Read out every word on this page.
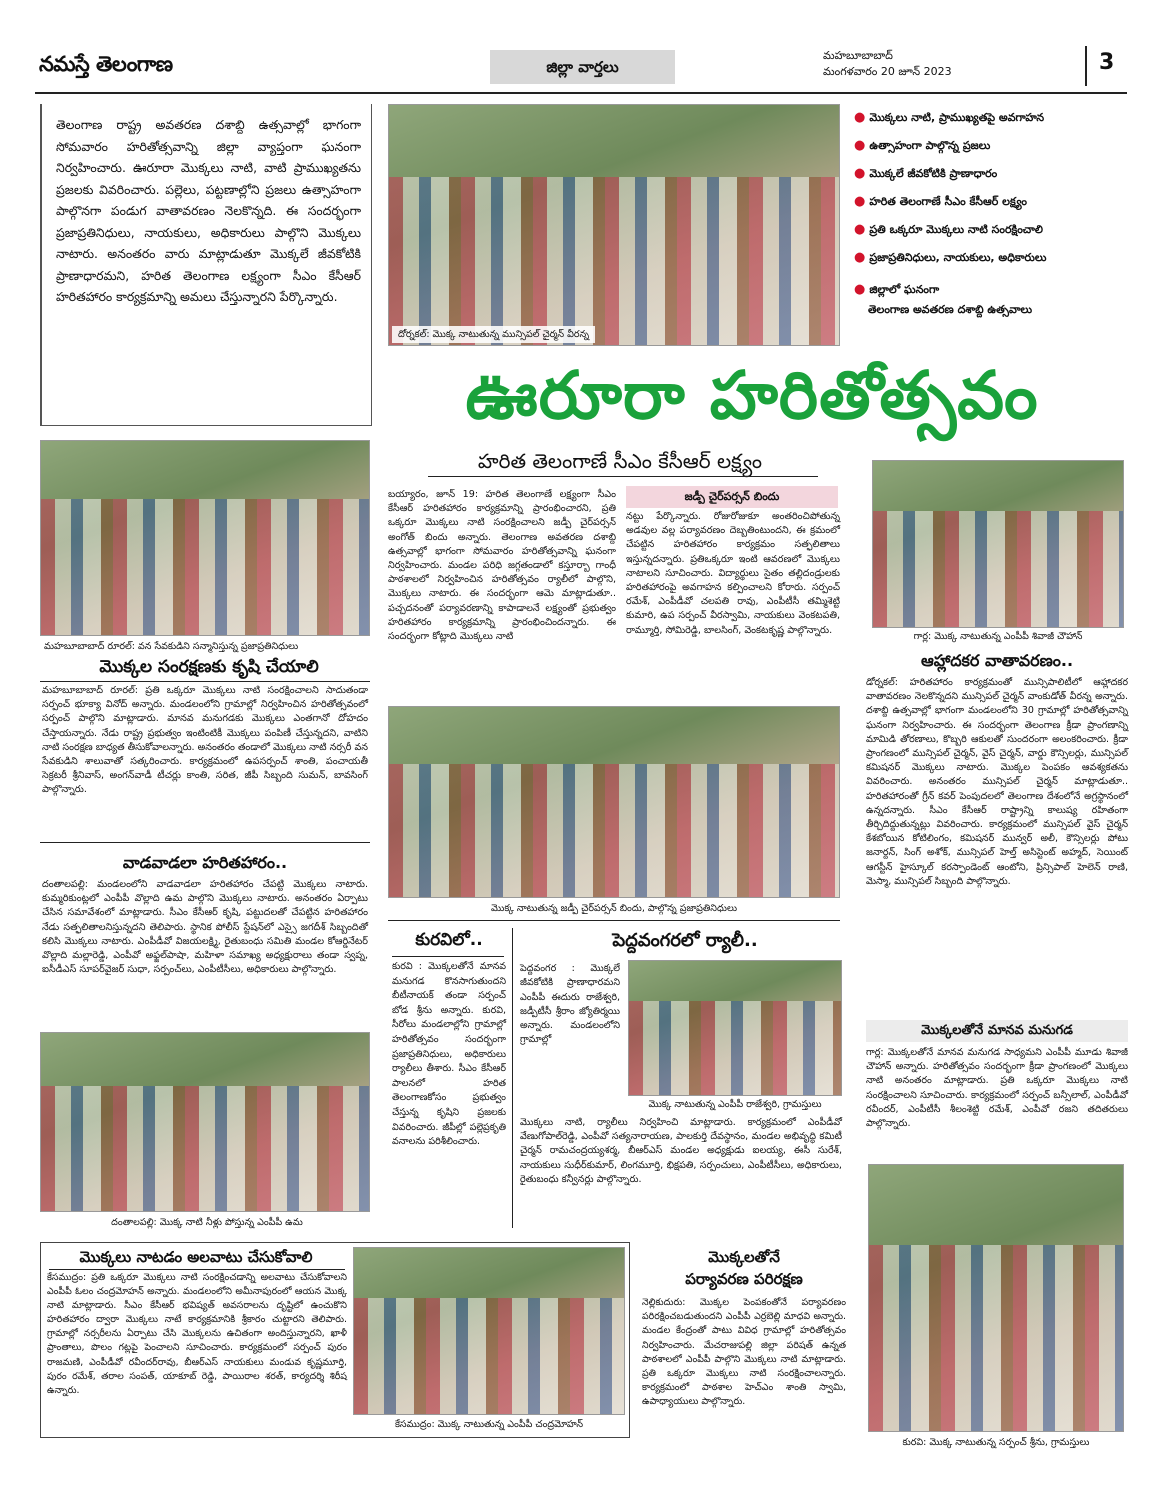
నమస్తే తెలంగాణ	జిల్లా వార్తలు
మహబూబాబాద్
మంగళవారం 20 జూన్ 2023	3
తెలంగాణ రాష్ట్ర అవతరణ దశాబ్ది ఉత్సవాల్లో భాగంగా సోమవారం హరితోత్సవాన్ని జిల్లా వ్యాప్తంగా ఘనంగా నిర్వహించారు. ఊరూరా మొక్కలు నాటి, వాటి ప్రాముఖ్యతను ప్రజలకు వివరించారు. పల్లెలు, పట్టణాల్లోని ప్రజలు ఉత్సాహంగా పాల్గొనగా పండుగ వాతావరణం నెలకొన్నది. ఈ సందర్భంగా ప్రజాప్రతినిధులు, నాయకులు, అధికారులు పాల్గొని మొక్కలు నాటారు. అనంతరం వారు మాట్లాడుతూ మొక్కలే జీవకోటికి ప్రాణాధారమని, హరిత తెలంగాణ లక్ష్యంగా సీఎం కేసీఆర్ హరితహారం కార్యక్రమాన్ని అమలు చేస్తున్నారని పేర్కొన్నారు.
దోర్నకల్: మొక్క నాటుతున్న మున్సిపల్ చైర్మన్ వీరన్న
● మొక్కలు నాటి, ప్రాముఖ్యతపై అవగాహన
● ఉత్సాహంగా పాల్గొన్న ప్రజలు
● మొక్కలే జీవకోటికి ప్రాణాధారం
● హరిత తెలంగాణే సీఎం కేసీఆర్ లక్ష్యం
● ప్రతి ఒక్కరూ మొక్కలు నాటి సంరక్షించాలి
● ప్రజాప్రతినిధులు, నాయకులు, అధికారులు
● జిల్లాలో ఘనంగా
తెలంగాణ అవతరణ దశాబ్ది ఉత్సవాలు
ఊరూరా హరితోత్సవం
హరిత తెలంగాణే సీఎం కేసీఆర్ లక్ష్యం
మహబూబాబాద్ రూరల్: వన సేవకుడిని సన్మానిస్తున్న ప్రజాప్రతినిధులు
మొక్కల సంరక్షణకు కృషి చేయాలి
మహబూబాబాద్ రూరల్: ప్రతి ఒక్కరూ మొక్కలు నాటి సంరక్షించాలని సాదుతండా సర్పంచ్ భూక్యా వినోద్ అన్నారు. మండలంలోని గ్రామాల్లో నిర్వహించిన హరితోత్సవంలో సర్పంచ్ పాల్గొని మాట్లాడారు. మానవ మనుగడకు మొక్కలు ఎంతగానో దోహదం చేస్తాయన్నారు. నేడు రాష్ట్ర ప్రభుత్వం ఇంటింటికీ మొక్కలు పంపిణీ చేస్తున్నదని, వాటిని నాటి సంరక్షణ బాధ్యత తీసుకోవాలన్నారు. అనంతరం తండాలో మొక్కలు నాటి నర్సరీ వన సేవకుడిని శాలువాతో సత్కరించారు. కార్యక్రమంలో ఉపసర్పంచ్ శాంతి, పంచాయతీ సెక్రటరీ శ్రీనివాస్, అంగన్‌వాడీ టీచర్లు కాంతి, సరిత, జీపీ సిబ్బంది సుమన్, బావసింగ్ పాల్గొన్నారు.
వాడవాడలా హరితహారం..
దంతాలపల్లి: మండలంలోని వాడవాడలా హరితహారం చేపట్టి మొక్కలు నాటారు. కుమ్మరికుంట్లలో ఎంపీపీ వొల్లాది ఉమ పాల్గొని మొక్కలు నాటారు. అనంతరం ఏర్పాటు చేసిన సమావేశంలో మాట్లాడారు. సీఎం కేసీఆర్ కృషి, పట్టుదలతో చేపట్టిన హరితహారం నేడు సత్ఫలితాలనిస్తున్నదని తెలిపారు. స్థానిక పోలీస్ స్టేషన్‌లో ఎస్సై జగదీశ్ సిబ్బందితో కలిసి మొక్కలు నాటారు. ఎంపీడీవో విజయలక్ష్మి, రైతుబంధు సమితి మండల కోఆర్డినేటర్ వొల్లాది మల్లారెడ్డి, ఎంపీవో అఫ్జల్‌పాషా, మహిళా సమాఖ్య అధ్యక్షురాలు తండా స్వప్న, ఐసీడీఎస్ సూపర్‌వైజర్ సుధా, సర్పంచ్‌లు, ఎంపీటీసీలు, అధికారులు పాల్గొన్నారు.
దంతాలపల్లి: మొక్క నాటి నీళ్లు పోస్తున్న ఎంపీపీ ఉమ
బయ్యారం, జూన్ 19: హరిత తెలంగాణే లక్ష్యంగా సీఎం కేసీఆర్ హరితహారం కార్యక్రమాన్ని ప్రారంభించారని, ప్రతి ఒక్కరూ మొక్కలు నాటి సంరక్షించాలని జడ్పీ చైర్‌పర్సన్ అంగోత్ బిందు అన్నారు. తెలంగాణ అవతరణ దశాబ్ది ఉత్సవాల్లో భాగంగా సోమవారం హరితోత్సవాన్ని ఘనంగా నిర్వహించారు. మండల పరిధి జగ్గతండాలో కస్తూర్బా గాంధీ పాఠశాలలో నిర్వహించిన హరితోత్సవం ర్యాలీలో పాల్గొని, మొక్కలు నాటారు. ఈ సందర్భంగా ఆమె మాట్లాడుతూ.. పచ్చదనంతో పర్యావరణాన్ని కాపాడాలనే లక్ష్యంతో ప్రభుత్వం హరితహారం కార్యక్రమాన్ని ప్రారంభించిందన్నారు. ఈ సందర్భంగా కోట్లాది మొక్కలు నాటి
జడ్పీ చైర్‌పర్సన్ బిందు
నట్టు పేర్కొన్నారు. రోజురోజుకూ అంతరించిపోతున్న అడవుల వల్ల పర్యావరణం దెబ్బతింటుందని, ఈ క్రమంలో చేపట్టిన హరితహారం కార్యక్రమం సత్ఫలితాలు ఇస్తున్నదన్నారు. ప్రతిఒక్కరూ ఇంటి ఆవరణలో మొక్కలు నాటాలని సూచించారు. విద్యార్థులు సైతం తల్లిదండ్రులకు హరితహారంపై అవగాహన కల్పించాలని కోరారు. సర్పంచ్ రమేశ్, ఎంపీడీవో చలపతి రావు, ఎంపీటీసీ తమ్మిశెట్టి కుమారి, ఉప సర్పంచ్ వీరస్వామి, నాయకులు వెంకటపతి, రామ్మూర్తి, సోమిరెడ్డి, బాలసింగ్, వెంకటకృష్ణ పాల్గొన్నారు.
మొక్క నాటుతున్న జడ్పీ చైర్‌పర్సన్ బిందు, పాల్గొన్న ప్రజాప్రతినిధులు
కురవిలో..
కురవి : మొక్కలతోనే మానవ మనుగడ కొనసాగుతుందని బీటీనాయక్ తండా సర్పంచ్ బోడ శ్రీను అన్నారు. కురవి, సీరోలు మండలాల్లోని గ్రామాల్లో హరితోత్సవం సందర్భంగా ప్రజాప్రతినిధులు, అధికారులు ర్యాలీలు తీశారు. సీఎం కేసీఆర్ పాలనలో హరిత తెలంగాణకోసం ప్రభుత్వం చేస్తున్న కృషిని ప్రజలకు వివరించారు. జీపీల్లో పల్లెప్రకృతి వనాలను పరిశీలించారు.
పెద్దవంగరలో ర్యాలీ..
పెద్దవంగర : మొక్కలే జీవకోటికి ప్రాణాధారమని ఎంపీపీ ఈదురు రాజేశ్వరి, జడ్పీటీసీ శ్రీరాం జ్యోతిర్మయి అన్నారు. మండలంలోని గ్రామాల్లో
మొక్క నాటుతున్న ఎంపీపీ రాజేశ్వరి, గ్రామస్తులు
మొక్కలు నాటి, ర్యాలీలు నిర్వహించి మాట్లాడారు. కార్యక్రమంలో ఎంపీడీవో వేణుగోపాల్‌రెడ్డి, ఎంపీవో సత్యనారాయణ, పాలకుర్తి దేవస్థానం, మండల అభివృద్ధి కమిటీ చైర్మన్ రామచంద్రయ్యశర్మ, బీఆర్‌ఎస్ మండల అధ్యక్షుడు ఐలయ్య, ఈసీ సురేశ్, నాయకులు సుధీర్‌కుమార్, లింగమూర్తి, భిక్షపతి, సర్పంచులు, ఎంపీటీసీలు, అధికారులు, రైతుబంధు కన్వీనర్లు పాల్గొన్నారు.
గార్ల: మొక్క నాటుతున్న ఎంపీపీ శివాజీ చౌహాన్
ఆహ్లాదకర వాతావరణం..
డోర్నకల్: హరితహారం కార్యక్రమంతో మున్సిపాలిటీలో ఆహ్లాదకర వాతావరణం నెలకొన్నదని మున్సిపల్ చైర్మన్ వాంకుడోత్ వీరన్న అన్నారు. దశాబ్ది ఉత్సవాల్లో భాగంగా మండలంలోని 30 గ్రామాల్లో హరితోత్సవాన్ని ఘనంగా నిర్వహించారు. ఈ సందర్భంగా తెలంగాణ క్రీడా ప్రాంగణాన్ని మామిడి తోరణాలు, కొబ్బరి ఆకులతో సుందరంగా అలంకరించారు. క్రీడా ప్రాంగణంలో మున్సిపల్ చైర్మన్, వైస్ చైర్మన్, వార్డు కౌన్సిలర్లు, మున్సిపల్ కమిషనర్ మొక్కలు నాటారు. మొక్కల పెంపకం ఆవశ్యకతను వివరించారు. అనంతరం మున్సిపల్ చైర్మన్ మాట్లాడుతూ.. హరితహారంతో గ్రీన్ కవర్ పెంపుదలలో తెలంగాణ దేశంలోనే అగ్రస్థానంలో ఉన్నదన్నారు. సీఎం కేసీఆర్ రాష్ట్రాన్ని కాలుష్య రహితంగా తీర్చిదిద్దుతున్నట్లు వివరించారు. కార్యక్రమంలో మున్సిపల్ వైస్ చైర్మన్ కేశబోయిన కోటిలింగం, కమిషనర్ మున్వర్ అలీ, కౌన్సిలర్లు పోటు జనార్దన్, సింగ్ అశోక్, మున్సిపల్ హెల్త్ అసిస్టెంట్ అహ్మద్, సెయింట్ ఆగస్టీన్ హైస్కూల్ కరస్పాండెంట్ ఆంటోని, ప్రిన్సిపాల్ హెలెన్ రాణి, మెస్మా, మున్సిపల్ సిబ్బంది పాల్గొన్నారు.
మొక్కలతోనే మానవ మనుగడ
గార్ల: మొక్కలతోనే మానవ మనుగడ సాధ్యమని ఎంపీపీ మూడు శివాజీ చౌహాన్ అన్నారు. హరితోత్సవం సందర్భంగా క్రీడా ప్రాంగణంలో మొక్కలు నాటి అనంతరం మాట్లాడారు. ప్రతి ఒక్కరూ మొక్కలు నాటి సంరక్షించాలని సూచించారు. కార్యక్రమంలో సర్పంచ్ బన్సీలాల్, ఎంపీడీవో రవీందర్, ఎంపీటీసీ శీలంశెట్టి రమేశ్, ఎంపీవో రజని తదితరులు పాల్గొన్నారు.
కురవి: మొక్క నాటుతున్న సర్పంచ్ శ్రీను, గ్రామస్తులు
మొక్కలు నాటడం అలవాటు చేసుకోవాలి
కేసముద్రం: ప్రతి ఒక్కరూ మొక్కలు నాటి సంరక్షించడాన్ని అలవాటు చేసుకోవాలని ఎంపీపీ ఓలం చంద్రమోహన్ అన్నారు. మండలంలోని అమీనాపురంలో ఆయన మొక్క నాటి మాట్లాడారు. సీఎం కేసీఆర్ భవిష్యత్ అవసరాలను దృష్టిలో ఉంచుకొని హరితహారం ద్వారా మొక్కలు నాటే కార్యక్రమానికి శ్రీకారం చుట్టారని తెలిపారు. గ్రామాల్లో నర్సరీలను ఏర్పాటు చేసి మొక్కలను ఉచితంగా అందిస్తున్నారని, ఖాళీ ప్రాంతాలు, పొలం గట్లపై పెంచాలని సూచించారు. కార్యక్రమంలో సర్పంచ్ పురం రాజమణి, ఎంపీడీవో రవీందర్‌రావు, బీఆర్‌ఎస్ నాయకులు మండువ కృష్ణమూర్తి, పురం రమేశ్, తరాల సంపత్, యాకూబ్ రెడ్డి, పాయిరాల శరత్, కార్యదర్శి శిరీష ఉన్నారు.
కేసముద్రం: మొక్క నాటుతున్న ఎంపీపీ చంద్రమోహన్
మొక్కలతోనే
పర్యావరణ పరిరక్షణ
నెల్లికుదురు: మొక్కల పెంపకంతోనే పర్యావరణం పరిరక్షించబడుతుందని ఎంపీపీ ఎర్రబెల్లి మాధవి అన్నారు. మండల కేంద్రంతో పాటు వివిధ గ్రామాల్లో హరితోత్సవం నిర్వహించారు. మేచరాజుపల్లి జిల్లా పరిషత్ ఉన్నత పాఠశాలలో ఎంపీపీ పాల్గొని మొక్కలు నాటి మాట్లాడారు. ప్రతి ఒక్కరూ మొక్కలు నాటి సంరక్షించాలన్నారు. కార్యక్రమంలో పాఠశాల హెచ్‌ఎం శాంతి స్వామి, ఉపాధ్యాయులు పాల్గొన్నారు.
